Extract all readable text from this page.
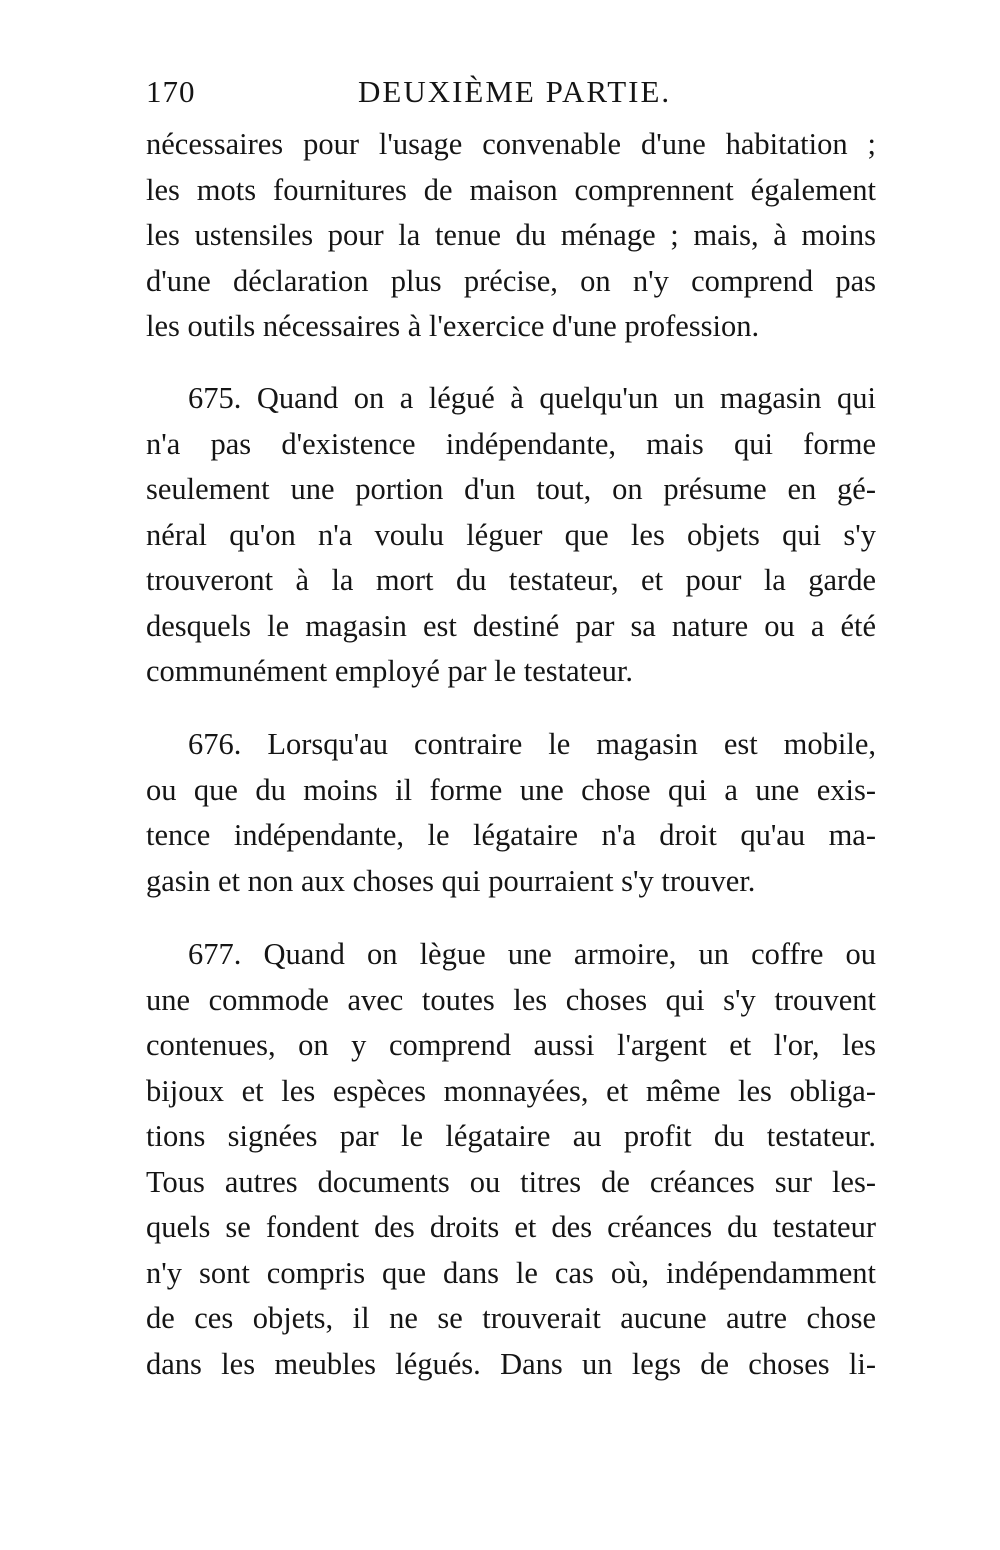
170	DEUXIÈME PARTIE.
nécessaires pour l'usage convenable d'une habitation ;
les mots fournitures de maison comprennent également
les ustensiles pour la tenue du ménage ; mais, à moins
d'une déclaration plus précise, on n'y comprend pas
les outils nécessaires à l'exercice d'une profession.
675. Quand on a légué à quelqu'un un magasin qui
n'a pas d'existence indépendante, mais qui forme
seulement une portion d'un tout, on présume en gé-
néral qu'on n'a voulu léguer que les objets qui s'y
trouveront à la mort du testateur, et pour la garde
desquels le magasin est destiné par sa nature ou a été
communément employé par le testateur.
676. Lorsqu'au contraire le magasin est mobile,
ou que du moins il forme une chose qui a une exis-
tence indépendante, le légataire n'a droit qu'au ma-
gasin et non aux choses qui pourraient s'y trouver.
677. Quand on lègue une armoire, un coffre ou
une commode avec toutes les choses qui s'y trouvent
contenues, on y comprend aussi l'argent et l'or, les
bijoux et les espèces monnayées, et même les obliga-
tions signées par le légataire au profit du testateur.
Tous autres documents ou titres de créances sur les-
quels se fondent des droits et des créances du testateur
n'y sont compris que dans le cas où, indépendamment
de ces objets, il ne se trouverait aucune autre chose
dans les meubles légués. Dans un legs de choses li-
